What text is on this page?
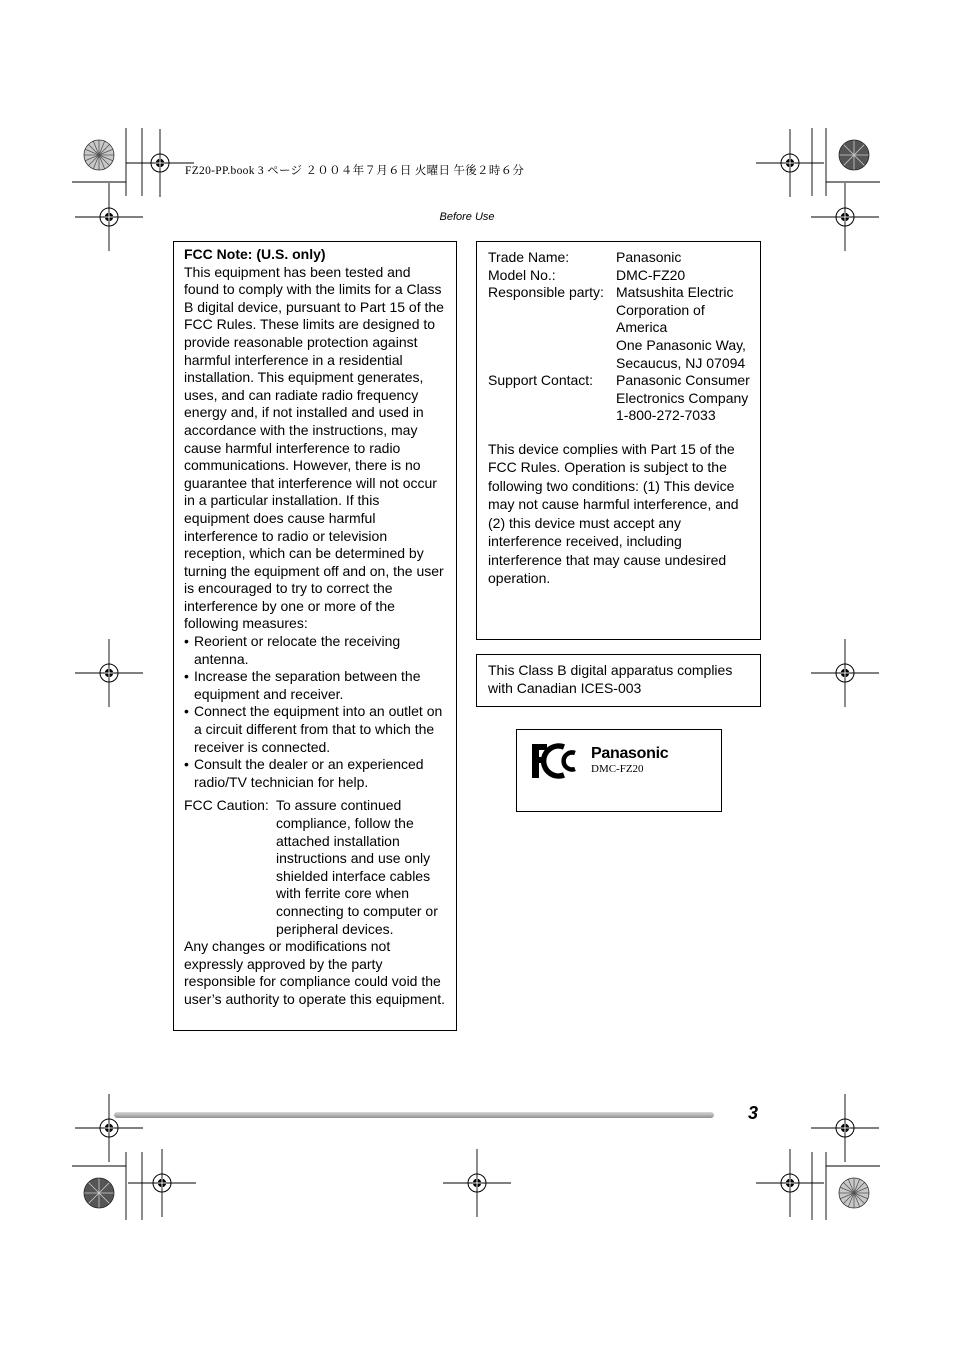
FZ20-PP.book 3 ページ ２００４年７月６日 火曜日 午後２時６分
Before Use
FCC Note: (U.S. only)
This equipment has been tested and found to comply with the limits for a Class B digital device, pursuant to Part 15 of the FCC Rules. These limits are designed to provide reasonable protection against harmful interference in a residential installation. This equipment generates, uses, and can radiate radio frequency energy and, if not installed and used in accordance with the instructions, may cause harmful interference to radio communications. However, there is no guarantee that interference will not occur in a particular installation. If this equipment does cause harmful interference to radio or television reception, which can be determined by turning the equipment off and on, the user is encouraged to try to correct the interference by one or more of the following measures:
• Reorient or relocate the receiving antenna.
• Increase the separation between the equipment and receiver.
• Connect the equipment into an outlet on a circuit different from that to which the receiver is connected.
• Consult the dealer or an experienced radio/TV technician for help.
FCC Caution: To assure continued compliance, follow the attached installation instructions and use only shielded interface cables with ferrite core when connecting to computer or peripheral devices.
Any changes or modifications not expressly approved by the party responsible for compliance could void the user’s authority to operate this equipment.
Trade Name:	Panasonic
Model No.:	DMC-FZ20
Responsible party: Matsushita Electric Corporation of America
One Panasonic Way, Secaucus, NJ 07094
Support Contact:	Panasonic Consumer Electronics Company
1-800-272-7033
This device complies with Part 15 of the FCC Rules. Operation is subject to the following two conditions: (1) This device may not cause harmful interference, and (2) this device must accept any interference received, including interference that may cause undesired operation.
This Class B digital apparatus complies with Canadian ICES-003
Panasonic
DMC-FZ20
3
